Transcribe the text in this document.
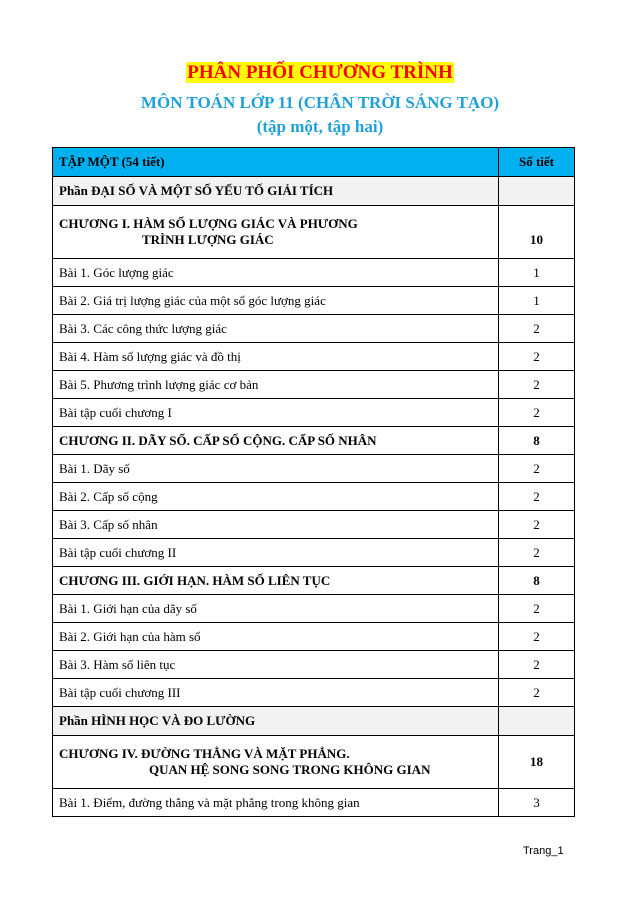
PHÂN PHỐI CHƯƠNG TRÌNH
MÔN TOÁN LỚP 11 (CHÂN TRỜI SÁNG TẠO)
(tập một, tập hai)
TẬP MỘT (54 tiết)	Số tiết
Phần ĐẠI SỐ VÀ MỘT SỐ YẾU TỐ GIẢI TÍCH	

CHƯƠNG I. HÀM SỐ LƯỢNG GIÁC VÀ PHƯƠNG
TRÌNH LƯỢNG GIÁC	10
Bài 1. Góc lượng giác	1
Bài 2. Giá trị lượng giác của một số góc lượng giác	1
Bài 3. Các công thức lượng giác	2
Bài 4. Hàm số lượng giác và đồ thị	2
Bài 5. Phương trình lượng giác cơ bản	2
Bài tập cuối chương I	2
CHƯƠNG II. DÃY SỐ. CẤP SỐ CỘNG. CẤP SỐ NHÂN	8
Bài 1. Dãy số	2
Bài 2. Cấp số cộng	2
Bài 3. Cấp số nhân	2
Bài tập cuối chương II	2
CHƯƠNG III. GIỚI HẠN. HÀM SỐ LIÊN TỤC	8
Bài 1. Giới hạn của dãy số	2
Bài 2. Giới hạn của hàm số	2
Bài 3. Hàm số liên tục	2
Bài tập cuối chương III	2
Phần HÌNH HỌC VÀ ĐO LƯỜNG	

CHƯƠNG IV. ĐƯỜNG THẲNG VÀ MẶT PHẲNG.
QUAN HỆ SONG SONG TRONG KHÔNG GIAN	18
Bài 1. Điểm, đường thẳng và mặt phẳng trong không gian	3
Trang_1
